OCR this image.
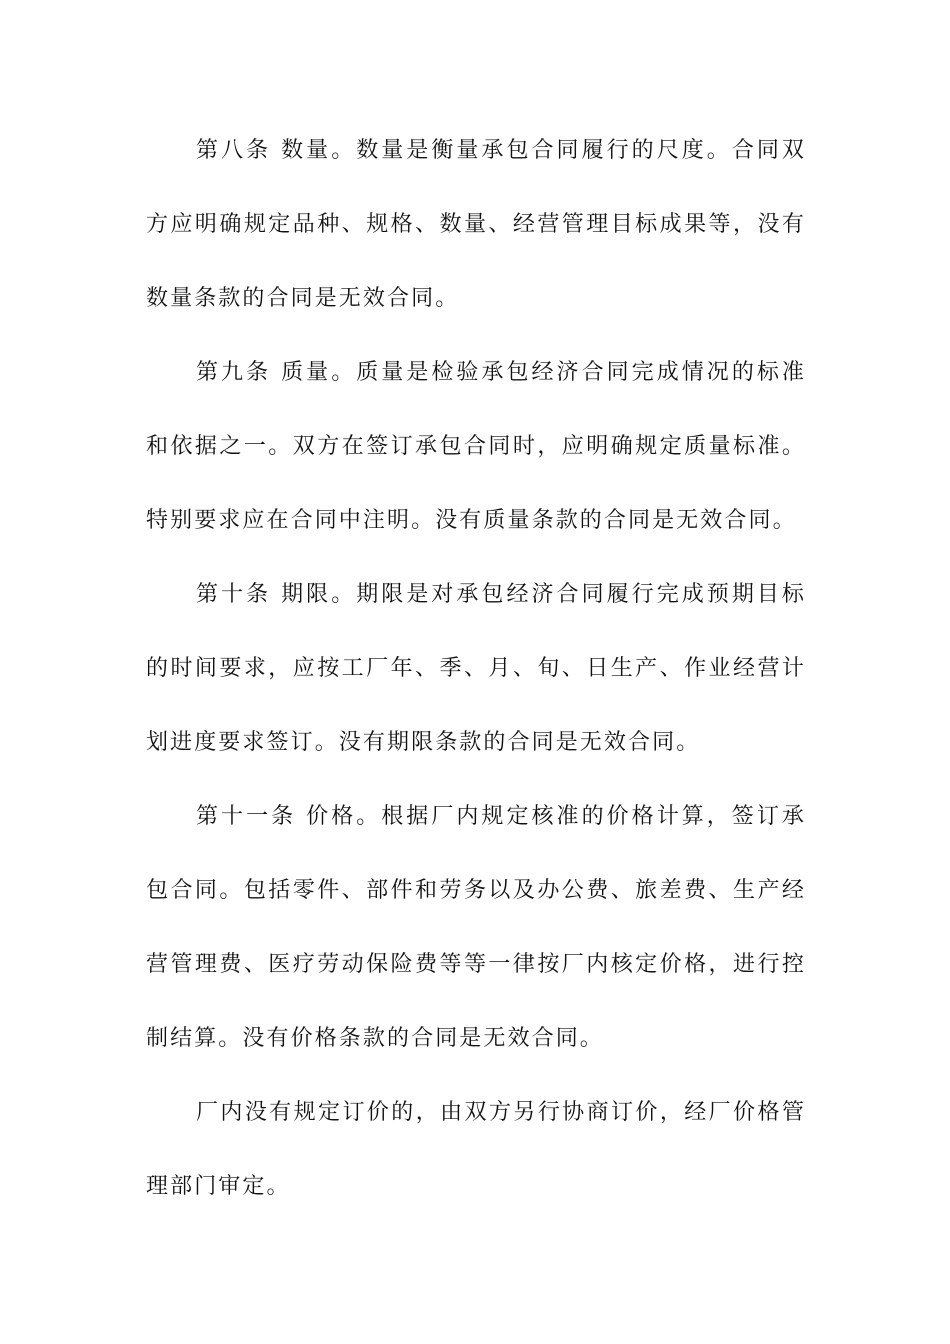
第八条 数量。数量是衡量承包合同履行的尺度。合同双方应明确规定品种、规格、数量、经营管理目标成果等，没有数量条款的合同是无效合同。

第九条 质量。质量是检验承包经济合同完成情况的标准和依据之一。双方在签订承包合同时，应明确规定质量标准。特别要求应在合同中注明。没有质量条款的合同是无效合同。

第十条 期限。期限是对承包经济合同履行完成预期目标的时间要求，应按工厂年、季、月、旬、日生产、作业经营计划进度要求签订。没有期限条款的合同是无效合同。

第十一条 价格。根据厂内规定核准的价格计算，签订承包合同。包括零件、部件和劳务以及办公费、旅差费、生产经营管理费、医疗劳动保险费等等一律按厂内核定价格，进行控制结算。没有价格条款的合同是无效合同。

厂内没有规定订价的，由双方另行协商订价，经厂价格管理部门审定。
